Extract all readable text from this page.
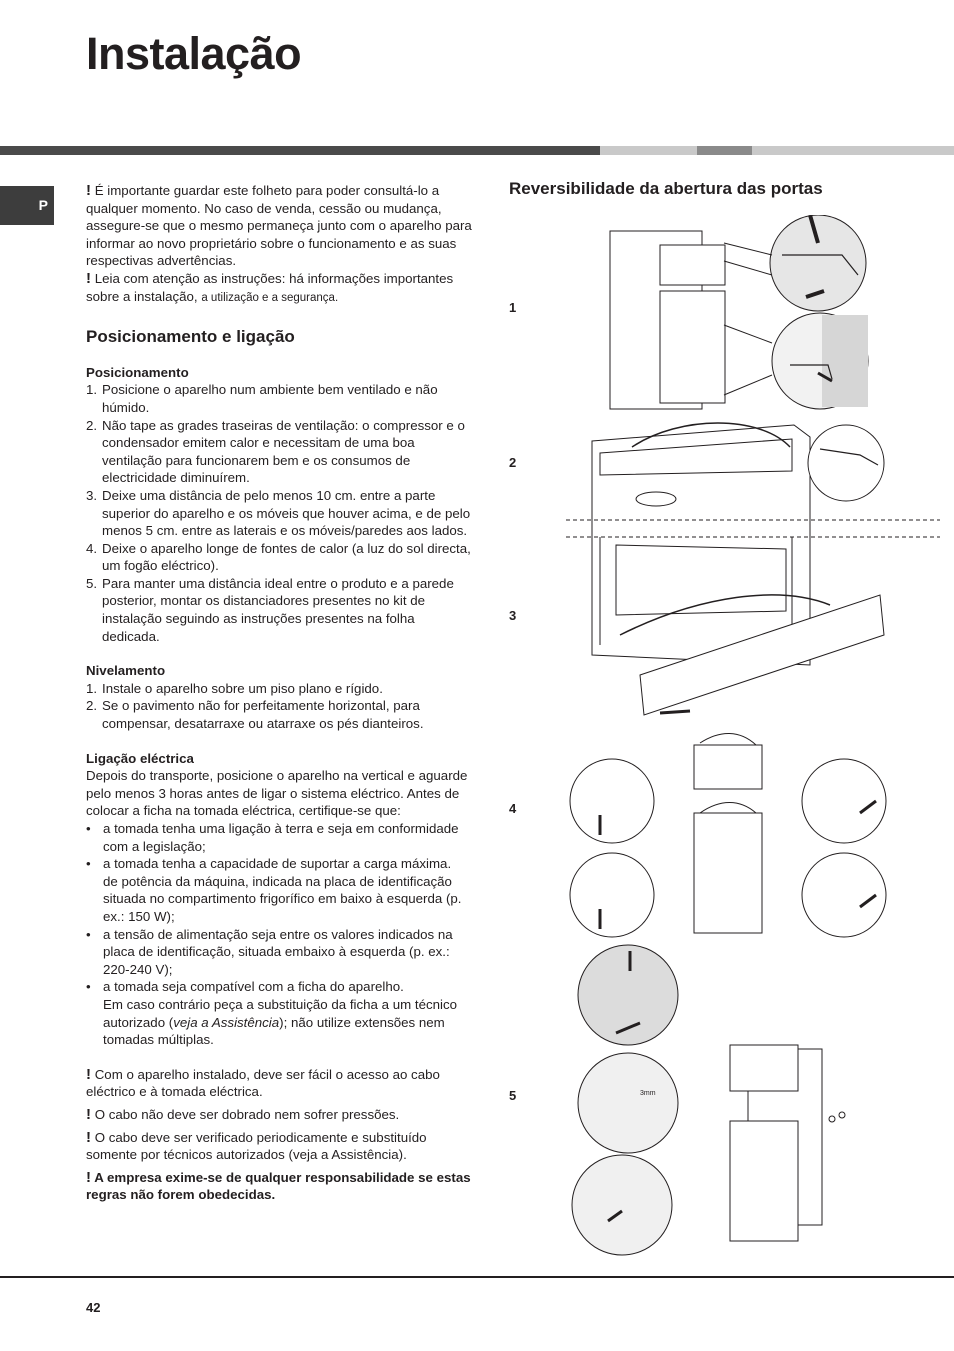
Instalação
P

! É importante guardar este folheto para poder consultá-lo a qualquer momento. No caso de venda, cessão ou mudança, assegure-se que o mesmo permaneça junto com o aparelho para informar ao novo proprietário sobre o funcionamento e as suas respectivas advertências.

! Leia com atenção as instruções: há informações importantes sobre a instalação, a utilização e a segurança.

Posicionamento e ligação
Posicionamento
1. Posicione o aparelho num ambiente bem ventilado e não húmido.
2. Não tape as grades traseiras de ventilação: o compressor e o condensador emitem calor e necessitam de uma boa ventilação para funcionarem bem e os consumos de electricidade diminuírem.
3. Deixe uma distância de pelo menos 10 cm. entre a parte superior do aparelho e os móveis que houver acima, e de pelo menos 5 cm. entre as laterais e os móveis/paredes aos lados.
4. Deixe o aparelho longe de fontes de calor (a luz do sol directa, um fogão eléctrico).
5. Para manter uma distância ideal entre o produto e a parede posterior, montar os distanciadores presentes no kit de instalação seguindo as instruções presentes na folha dedicada.
Nivelamento
1. Instale o aparelho sobre um piso plano e rígido.
2. Se o pavimento não for perfeitamente horizontal, para compensar, desatarraxe ou atarraxe os pés dianteiros.
Ligação eléctrica

Depois do transporte, posicione o aparelho na vertical e aguarde pelo menos 3 horas antes de ligar o sistema eléctrico. Antes de colocar a ficha na tomada eléctrica, certifique-se que:

• a tomada tenha uma ligação à terra e seja em conformidade com a legislação;
• a tomada tenha a capacidade de suportar a carga máxima.
de potência da máquina, indicada na placa de identificação situada no compartimento frigorífico em baixo à esquerda (p. ex.: 150 W);
• a tensão de alimentação seja entre os valores indicados na placa de identificação, situada embaixo à esquerda (p. ex.: 220-240 V);
• a tomada seja compatível com a ficha do aparelho.
Em caso contrário peça a substituição da ficha a um técnico autorizado (veja a Assistência); não utilize extensões nem tomadas múltiplas.

! Com o aparelho instalado, deve ser fácil o acesso ao cabo eléctrico e à tomada eléctrica.

! O cabo não deve ser dobrado nem sofrer pressões.

! O cabo deve ser verificado periodicamente e substituído somente por técnicos autorizados (veja a Assistência).

! A empresa exime-se de qualquer responsabilidade se estas regras não forem obedecidas.

Reversibilidade da abertura das portas
1
2
3
4
5	3mm
42
